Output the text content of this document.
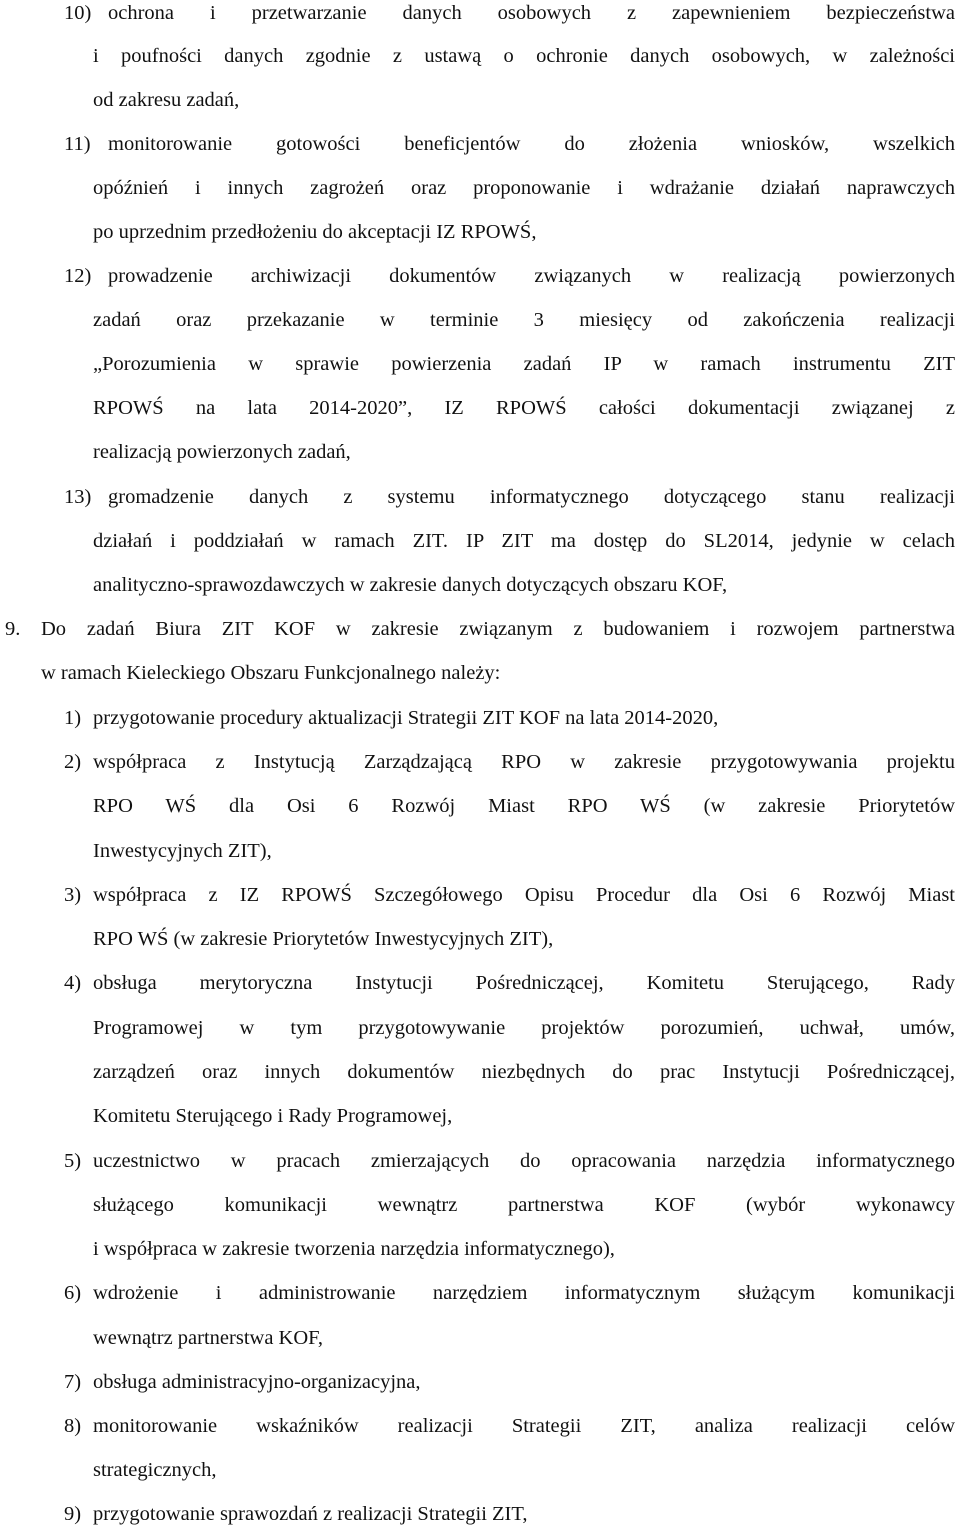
10) ochrona i przetwarzanie danych osobowych z zapewnieniem bezpieczeństwa
i poufności danych zgodnie z ustawą o ochronie danych osobowych, w zależności
od zakresu zadań,
11) monitorowanie gotowości beneficjentów do złożenia wniosków, wszelkich
opóźnień i innych zagrożeń oraz proponowanie i wdrażanie działań naprawczych
po uprzednim przedłożeniu do akceptacji IZ RPOWŚ,
12) prowadzenie archiwizacji dokumentów związanych w realizacją powierzonych
zadań oraz przekazanie w terminie 3 miesięcy od zakończenia realizacji
„Porozumienia w sprawie powierzenia zadań IP w ramach instrumentu ZIT
RPOWŚ na lata 2014-2020”, IZ RPOWŚ całości dokumentacji związanej z
realizacją powierzonych zadań,
13) gromadzenie danych z systemu informatycznego dotyczącego stanu realizacji
działań i poddziałań w ramach ZIT. IP ZIT ma dostęp do SL2014, jedynie w celach
analityczno-sprawozdawczych w zakresie danych dotyczących obszaru KOF,
9. Do zadań Biura ZIT KOF w zakresie związanym z budowaniem i rozwojem partnerstwa
w ramach Kieleckiego Obszaru Funkcjonalnego należy:
1) przygotowanie procedury aktualizacji Strategii ZIT KOF na lata 2014-2020,
2) współpraca z Instytucją Zarządzającą RPO w zakresie przygotowywania projektu
RPO WŚ dla Osi 6 Rozwój Miast RPO WŚ (w zakresie Priorytetów
Inwestycyjnych ZIT),
3) współpraca z IZ RPOWŚ Szczegółowego Opisu Procedur dla Osi 6 Rozwój Miast
RPO WŚ (w zakresie Priorytetów Inwestycyjnych ZIT),
4) obsługa merytoryczna Instytucji Pośredniczącej, Komitetu Sterującego, Rady
Programowej w tym przygotowywanie projektów porozumień, uchwał, umów,
zarządzeń oraz innych dokumentów niezbędnych do prac Instytucji Pośredniczącej,
Komitetu Sterującego i Rady Programowej,
5) uczestnictwo w pracach zmierzających do opracowania narzędzia informatycznego
służącego komunikacji wewnątrz partnerstwa KOF (wybór wykonawcy
i współpraca w zakresie tworzenia narzędzia informatycznego),
6) wdrożenie i administrowanie narzędziem informatycznym służącym komunikacji
wewnątrz partnerstwa KOF,
7) obsługa administracyjno-organizacyjna,
8) monitorowanie wskaźników realizacji Strategii ZIT, analiza realizacji celów
strategicznych,
9) przygotowanie sprawozdań z realizacji Strategii ZIT,
